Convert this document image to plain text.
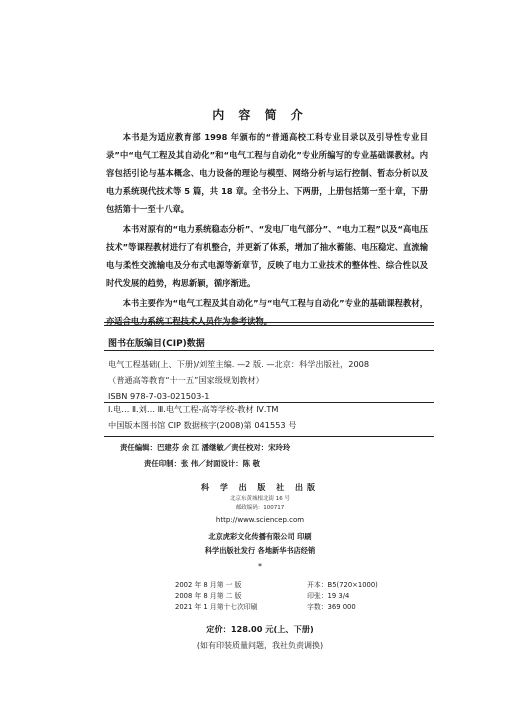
内 容 简 介

本书是为适应教育部 1998 年颁布的“普通高校工科专业目录以及引导性专业目录”中“电气工程及其自动化”和“电气工程与自动化”专业所编写的专业基础课教材。内容包括引论与基本概念、电力设备的理论与模型、网络分析与运行控制、暂态分析以及电力系统现代技术等 5 篇，共 18 章。全书分上、下两册，上册包括第一至十章，下册包括第十一至十八章。

本书对原有的“电力系统稳态分析”、“发电厂电气部分”、“电力工程”以及“高电压技术”等课程教材进行了有机整合，并更新了体系，增加了抽水蓄能、电压稳定、直流输电与柔性交流输电及分布式电源等新章节，反映了电力工业技术的整体性、综合性以及时代发展的趋势，构思新颖，循序渐进。

本书主要作为“电气工程及其自动化”与“电气工程与自动化”专业的基础课程教材，亦适合电力系统工程技术人员作为参考读物。

图书在版编目(CIP)数据
电气工程基础(上、下册)/刘笙主编. —2 版. —北京：科学出版社，2008
（普通高等教育“十一五”国家级规划教材）
ISBN 978-7-03-021503-1
Ⅰ.电… Ⅱ.刘… Ⅲ.电气工程-高等学校-教材 Ⅳ.TM
中国版本图书馆 CIP 数据核字(2008)第 041553 号
责任编辑：巴建芬 余 江 潘继敏／责任校对：宋玲玲
责任印制：张 伟／封面设计：陈 敬
科 学 出 版 社 出版
北京东黄城根北街 16 号
邮政编码：100717
http://www.sciencep.com
北京虎彩文化传播有限公司 印刷
科学出版社发行 各地新华书店经销
*
2002 年 8 月第 一 版	开本：B5(720×1000)
2008 年 8 月第 二 版	印张：19 3/4
2021 年 1 月第十七次印刷	字数：369 000
定价：128.00 元(上、下册)
(如有印装质量问题，我社负责调换)
